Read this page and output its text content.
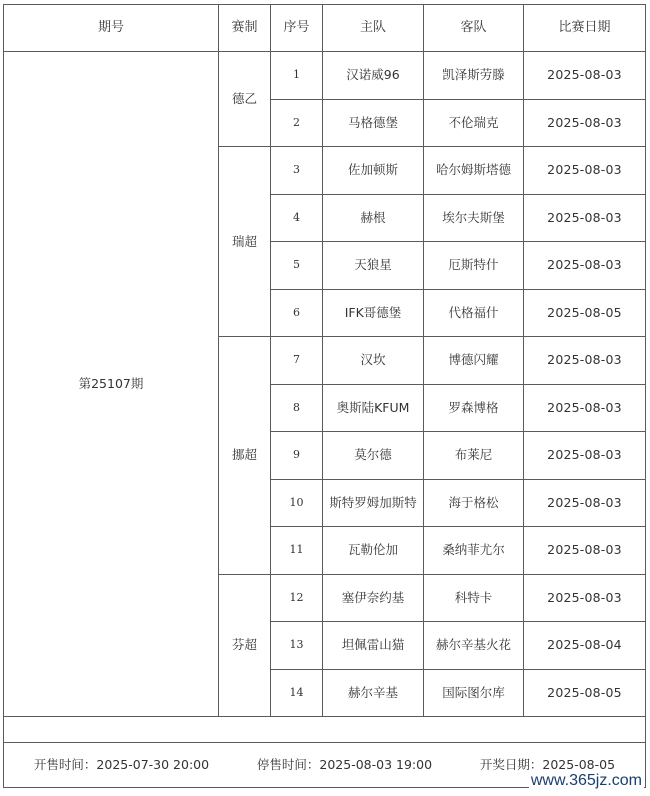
期号	赛制	序号	主队	客队	比赛日期
第25107期	德乙	1	汉诺威96	凯泽斯劳滕	2025-08-03
		2	马格德堡	不伦瑞克	2025-08-03
	瑞超	3	佐加顿斯	哈尔姆斯塔德	2025-08-03
		4	赫根	埃尔夫斯堡	2025-08-03
		5	天狼星	厄斯特什	2025-08-03
		6	IFK哥德堡	代格福什	2025-08-05
	挪超	7	汉坎	博德闪耀	2025-08-03
		8	奥斯陆KFUM	罗森博格	2025-08-03
		9	莫尔德	布莱尼	2025-08-03
		10	斯特罗姆加斯特	海于格松	2025-08-03
		11	瓦勒伦加	桑纳菲尤尔	2025-08-03
	芬超	12	塞伊奈约基	科特卡	2025-08-03
		13	坦佩雷山猫	赫尔辛基火花	2025-08-04
		14	赫尔辛基	国际图尔库	2025-08-05

开售时间：2025-07-30 20:00 停售时间：2025-08-03 19:00 开奖日期：2025-08-05					
www.365jz.com
